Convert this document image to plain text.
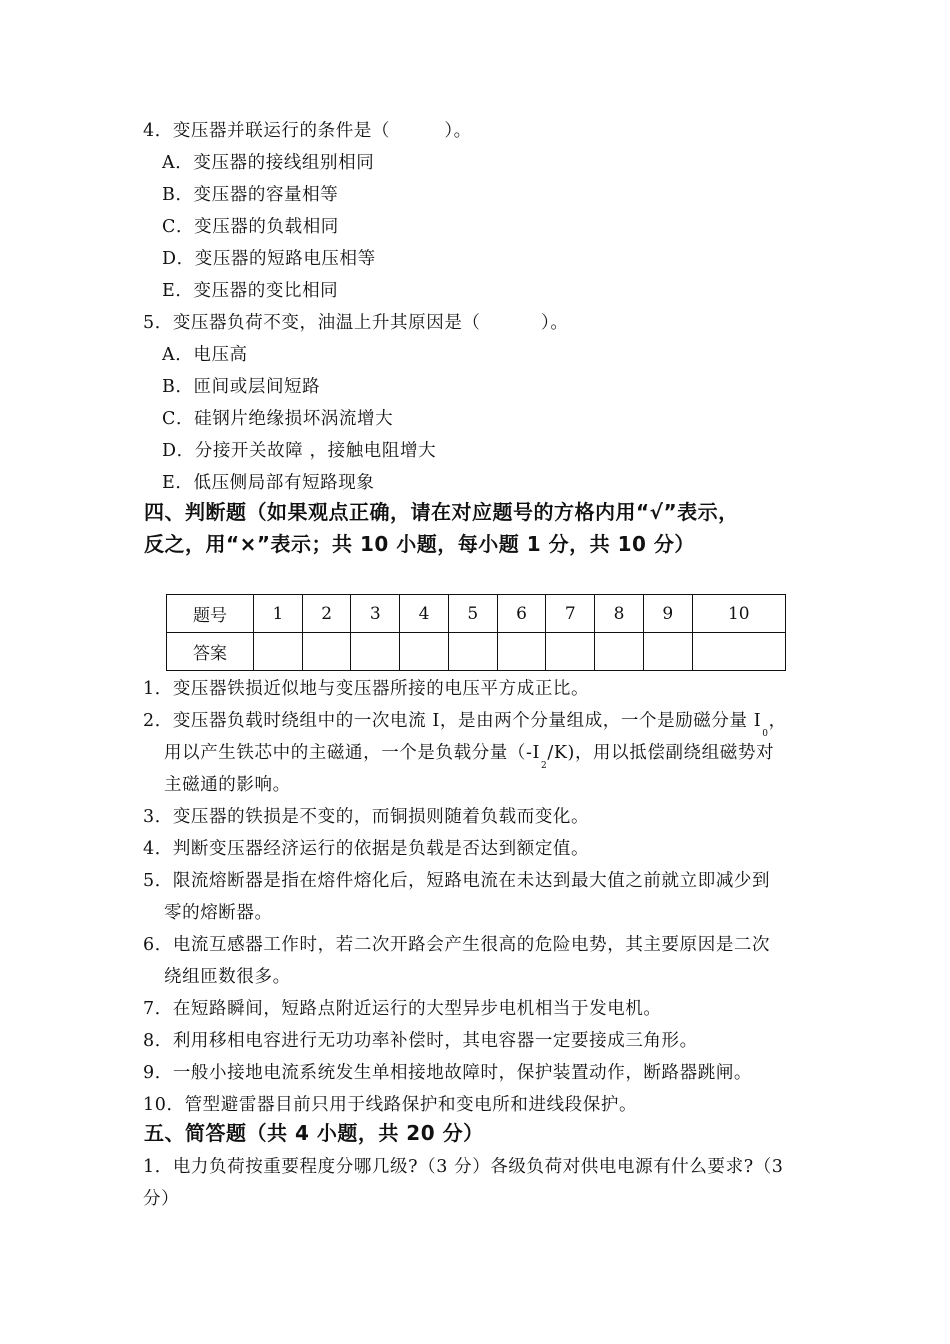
4．变压器并联运行的条件是（　　　）。
A．变压器的接线组别相同
B．变压器的容量相等
C．变压器的负载相同
D．变压器的短路电压相等
E．变压器的变比相同
5．变压器负荷不变，油温上升其原因是（　　　 ）。
A．电压高
B．匝间或层间短路
C．硅钢片绝缘损坏涡流增大
D．分接开关故障 ，接触电阻增大
E．低压侧局部有短路现象
四、判断题（如果观点正确，请在对应题号的方格内用“√”表示，
反之，用“×”表示；共 10 小题，每小题 1 分，共 10 分）
题号	1	2	3	4	5	6	7	8	9	10
答案										
1．变压器铁损近似地与变压器所接的电压平方成正比。
2．变压器负载时绕组中的一次电流 I，是由两个分量组成，一个是励磁分量 $I_0$，
用以产生铁芯中的主磁通，一个是负载分量$(-I_2/K)$，用以抵偿副绕组磁势对
主磁通的影响。
3．变压器的铁损是不变的，而铜损则随着负载而变化。
4．判断变压器经济运行的依据是负载是否达到额定值。
5．限流熔断器是指在熔件熔化后，短路电流在未达到最大值之前就立即减少到
零的熔断器。
6．电流互感器工作时，若二次开路会产生很高的危险电势，其主要原因是二次
绕组匝数很多。
7．在短路瞬间，短路点附近运行的大型异步电机相当于发电机。
8．利用移相电容进行无功功率补偿时，其电容器一定要接成三角形。
9．一般小接地电流系统发生单相接地故障时，保护装置动作，断路器跳闸。
10．管型避雷器目前只用于线路保护和变电所和进线段保护。
五、简答题（共 4 小题，共 20 分）
1．电力负荷按重要程度分哪几级?（3 分）各级负荷对供电电源有什么要求?（3
分）
